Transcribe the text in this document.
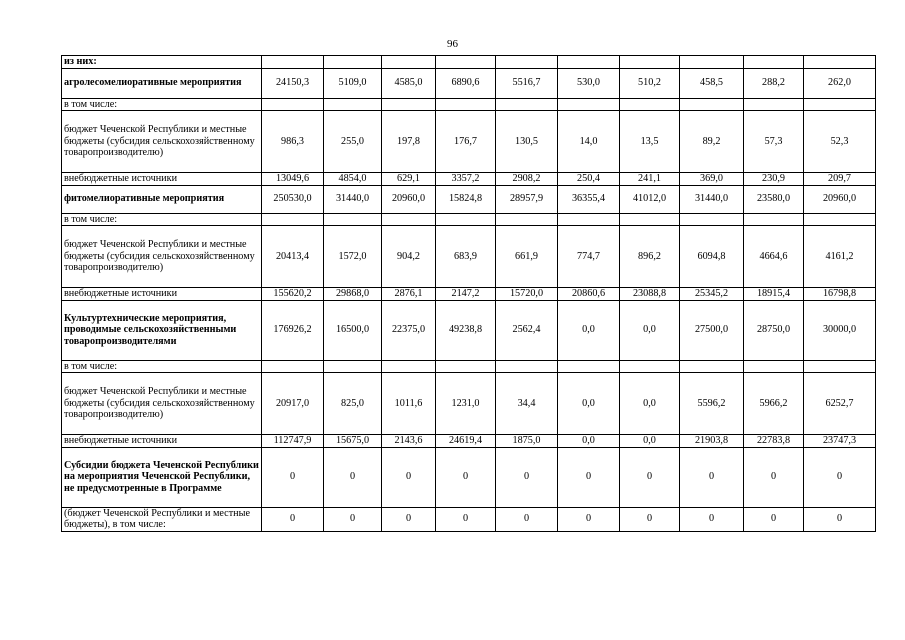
96
из них:										
агролесомелиоративные мероприятия	24150,3	5109,0	4585,0	6890,6	5516,7	530,0	510,2	458,5	288,2	262,0
в том числе:										
бюджет Чеченской Республики и местные бюджеты (субсидия сельскохозяйственному товаропроизводителю)	986,3	255,0	197,8	176,7	130,5	14,0	13,5	89,2	57,3	52,3
внебюджетные источники	13049,6	4854,0	629,1	3357,2	2908,2	250,4	241,1	369,0	230,9	209,7
фитомелиоративные мероприятия	250530,0	31440,0	20960,0	15824,8	28957,9	36355,4	41012,0	31440,0	23580,0	20960,0
в том числе:										
бюджет Чеченской Республики и местные бюджеты (субсидия сельскохозяйственному товаропроизводителю)	20413,4	1572,0	904,2	683,9	661,9	774,7	896,2	6094,8	4664,6	4161,2
внебюджетные источники	155620,2	29868,0	2876,1	2147,2	15720,0	20860,6	23088,8	25345,2	18915,4	16798,8
Культуртехнические мероприятия, проводимые сельскохозяйственными товаропроизводителями	176926,2	16500,0	22375,0	49238,8	2562,4	0,0	0,0	27500,0	28750,0	30000,0
в том числе:										
бюджет Чеченской Республики и местные бюджеты (субсидия сельскохозяйственному товаропроизводителю)	20917,0	825,0	1011,6	1231,0	34,4	0,0	0,0	5596,2	5966,2	6252,7
внебюджетные источники	112747,9	15675,0	2143,6	24619,4	1875,0	0,0	0,0	21903,8	22783,8	23747,3
Субсидии бюджета Чеченской Республики на мероприятия Чеченской Республики, не предусмотренные в Программе	0	0	0	0	0	0	0	0	0	0
(бюджет Чеченской Республики и местные бюджеты), в том числе:	0	0	0	0	0	0	0	0	0	0
